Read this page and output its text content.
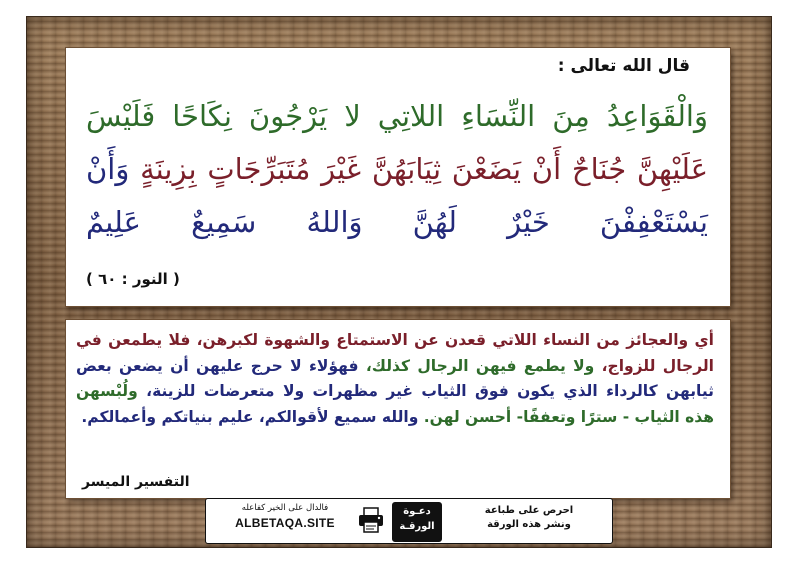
قال الله تعالى :
وَالْقَوَاعِدُ مِنَ النِّسَاءِ اللاتِي لا يَرْجُونَ نِكَاحًا فَلَيْسَ عَلَيْهِنَّ جُنَاحٌ أَنْ يَضَعْنَ ثِيَابَهُنَّ غَيْرَ مُتَبَرِّجَاتٍ بِزِينَةٍ وَأَنْ يَسْتَعْفِفْنَ خَيْرٌ لَهُنَّ وَاللهُ سَمِيعٌ عَلِيمٌ
( النور : ٦٠ )
أي والعجائز من النساء اللاتي قعدن عن الاستمتاع والشهوة لكبرهن، فلا يطمعن في الرجال للزواج، ولا يطمع فيهن الرجال كذلك، فهؤلاء لا حرج عليهن أن يضعن بعض ثيابهن كالرداء الذي يكون فوق الثياب غير مظهرات ولا متعرضات للزينة، ولُبْسهن هذه الثياب - سترًا وتعففًا- أحسن لهن. والله سميع لأقوالكم، عليم بنياتكم وأعمالكم.
التفسير الميسر
فالدال على الخير كفاعله
ALBETAQA.SITE
دعـوة
الورقـة
احرص على طباعة
ونشر هذه الورقة
